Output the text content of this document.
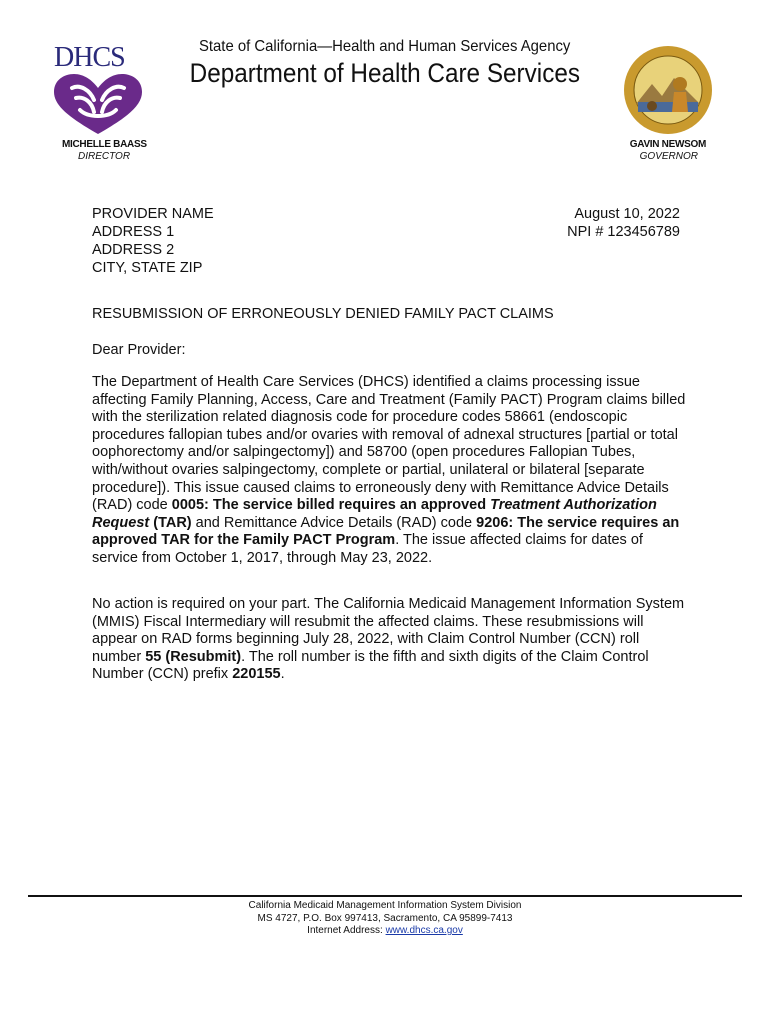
DHCS	State of California—Health and Human Services Agency
Department of Health Care Services
MICHELLE BAASS
DIRECTOR
GAVIN NEWSOM
GOVERNOR
PROVIDER NAME
ADDRESS 1
ADDRESS 2
CITY, STATE ZIP
August 10, 2022
NPI # 123456789
RESUBMISSION OF ERRONEOUSLY DENIED FAMILY PACT CLAIMS
Dear Provider:
The Department of Health Care Services (DHCS) identified a claims processing issue affecting Family Planning, Access, Care and Treatment (Family PACT) Program claims billed with the sterilization related diagnosis code for procedure codes 58661 (endoscopic procedures fallopian tubes and/or ovaries with removal of adnexal structures [partial or total oophorectomy and/or salpingectomy]) and 58700 (open procedures Fallopian Tubes, with/without ovaries salpingectomy, complete or partial, unilateral or bilateral [separate procedure]). This issue caused claims to erroneously deny with Remittance Advice Details (RAD) code 0005: The service billed requires an approved Treatment Authorization Request (TAR) and Remittance Advice Details (RAD) code 9206: The service requires an approved TAR for the Family PACT Program. The issue affected claims for dates of service from October 1, 2017, through May 23, 2022.
No action is required on your part. The California Medicaid Management Information System (MMIS) Fiscal Intermediary will resubmit the affected claims. These resubmissions will appear on RAD forms beginning July 28, 2022, with Claim Control Number (CCN) roll number 55 (Resubmit). The roll number is the fifth and sixth digits of the Claim Control Number (CCN) prefix 220155.
California Medicaid Management Information System Division
MS 4727, P.O. Box 997413, Sacramento, CA 95899-7413
Internet Address: www.dhcs.ca.gov
